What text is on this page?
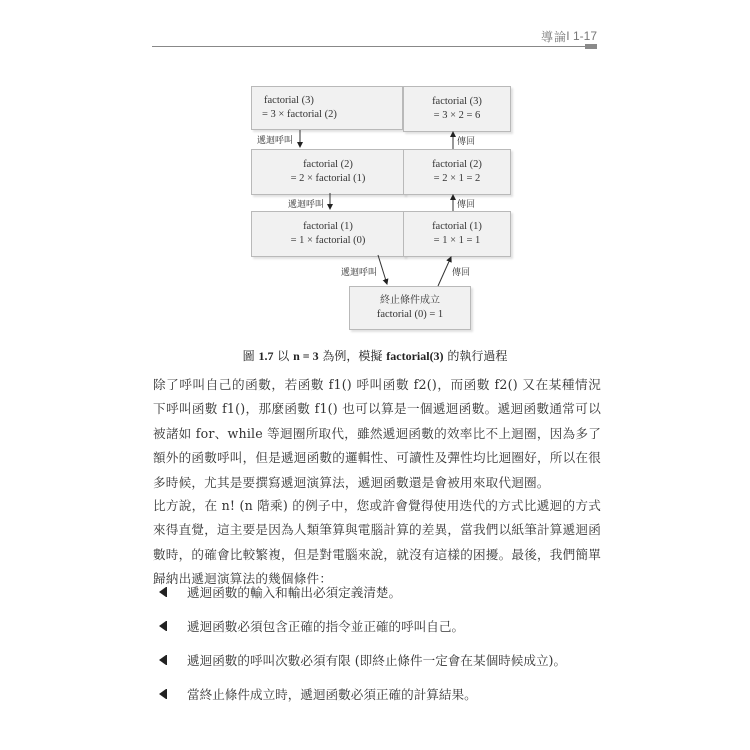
導論 I 1-17
factorial (3)
= 3 × factorial (2)
factorial (3)
= 3 × 2 = 6
factorial (2)
= 2 × factorial (1)
factorial (2)
= 2 × 1 = 2
factorial (1)
= 1 × factorial (0)
factorial (1)
= 1 × 1 = 1
終止條件成立
factorial (0) = 1
遞迴呼叫
遞迴呼叫
遞迴呼叫
傳回
傳回
傳回
圖 1.7 以 n = 3 為例，模擬 factorial(3) 的執行過程

除了呼叫自己的函數，若函數 f1() 呼叫函數 f2()，而函數 f2() 又在某種情況下呼叫函數 f1()，那麼函數 f1() 也可以算是一個遞迴函數。遞迴函數通常可以被諸如 for、while 等迴圈所取代，雖然遞迴函數的效率比不上迴圈，因為多了額外的函數呼叫，但是遞迴函數的邏輯性、可讀性及彈性均比迴圈好，所以在很多時候，尤其是要撰寫遞迴演算法，遞迴函數還是會被用來取代迴圈。

比方說，在 n! (n 階乘) 的例子中，您或許會覺得使用迭代的方式比遞迴的方式來得直覺，這主要是因為人類筆算與電腦計算的差異，當我們以紙筆計算遞迴函數時，的確會比較繁複，但是對電腦來說，就沒有這樣的困擾。最後，我們簡單歸納出遞迴演算法的幾個條件：

遞迴函數的輸入和輸出必須定義清楚。
遞迴函數必須包含正確的指令並正確的呼叫自己。
遞迴函數的呼叫次數必須有限 (即終止條件一定會在某個時候成立)。
當終止條件成立時，遞迴函數必須正確的計算結果。
